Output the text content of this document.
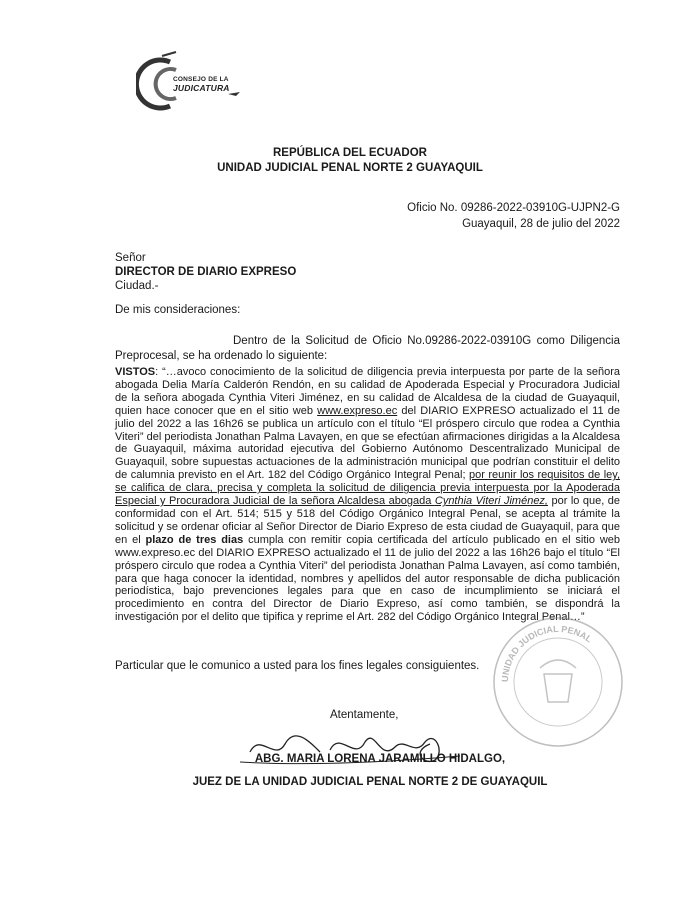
CONSEJO DE LA
JUDICATURA
REPÚBLICA DEL ECUADOR
UNIDAD JUDICIAL PENAL NORTE 2 GUAYAQUIL
Oficio No. 09286-2022-03910G-UJPN2-G
Guayaquil, 28 de julio del 2022
Señor
DIRECTOR DE DIARIO EXPRESO
Ciudad.-
De mis consideraciones:
Dentro de la Solicitud de Oficio No.09286-2022-03910G como Diligencia Preprocesal, se ha ordenado lo siguiente:
VISTOS: “…avoco conocimiento de la solicitud de diligencia previa interpuesta por parte de la señora abogada Delia María Calderón Rendón, en su calidad de Apoderada Especial y Procuradora Judicial de la señora abogada Cynthia Viteri Jiménez, en su calidad de Alcaldesa de la ciudad de Guayaquil, quien hace conocer que en el sitio web www.expreso.ec del DIARIO EXPRESO actualizado el 11 de julio del 2022 a las 16h26 se publica un artículo con el título “El próspero circulo que rodea a Cynthia Viteri” del periodista Jonathan Palma Lavayen, en que se efectúan afirmaciones dirigidas a la Alcaldesa de Guayaquil, máxima autoridad ejecutiva del Gobierno Autónomo Descentralizado Municipal de Guayaquil, sobre supuestas actuaciones de la administración municipal que podrían constituir el delito de calumnia previsto en el Art. 182 del Código Orgánico Integral Penal; por reunir los requisitos de ley, se califica de clara, precisa y completa la solicitud de diligencia previa interpuesta por la Apoderada Especial y Procuradora Judicial de la señora Alcaldesa abogada Cynthia Viteri Jiménez, por lo que, de conformidad con el Art. 514; 515 y 518 del Código Orgánico Integral Penal, se acepta al trámite la solicitud y se ordenar oficiar al Señor Director de Diario Expreso de esta ciudad de Guayaquil, para que en el plazo de tres dias cumpla con remitir copia certificada del artículo publicado en el sitio web www.expreso.ec del DIARIO EXPRESO actualizado el 11 de julio del 2022 a las 16h26 bajo el título “El próspero circulo que rodea a Cynthia Viteri” del periodista Jonathan Palma Lavayen, así como también, para que haga conocer la identidad, nombres y apellidos del autor responsable de dicha publicación periodística, bajo prevenciones legales para que en caso de incumplimiento se iniciará el procedimiento en contra del Director de Diario Expreso, así como también, se dispondrá la investigación por el delito que tipifica y reprime el Art. 282 del Código Orgánico Integral Penal…”
Particular que le comunico a usted para los fines legales consiguientes.
UNIDAD JUDICIAL PENAL
Atentamente,
ABG. MARIA LORENA JARAMILLO HIDALGO,
JUEZ DE LA UNIDAD JUDICIAL PENAL NORTE 2 DE GUAYAQUIL
